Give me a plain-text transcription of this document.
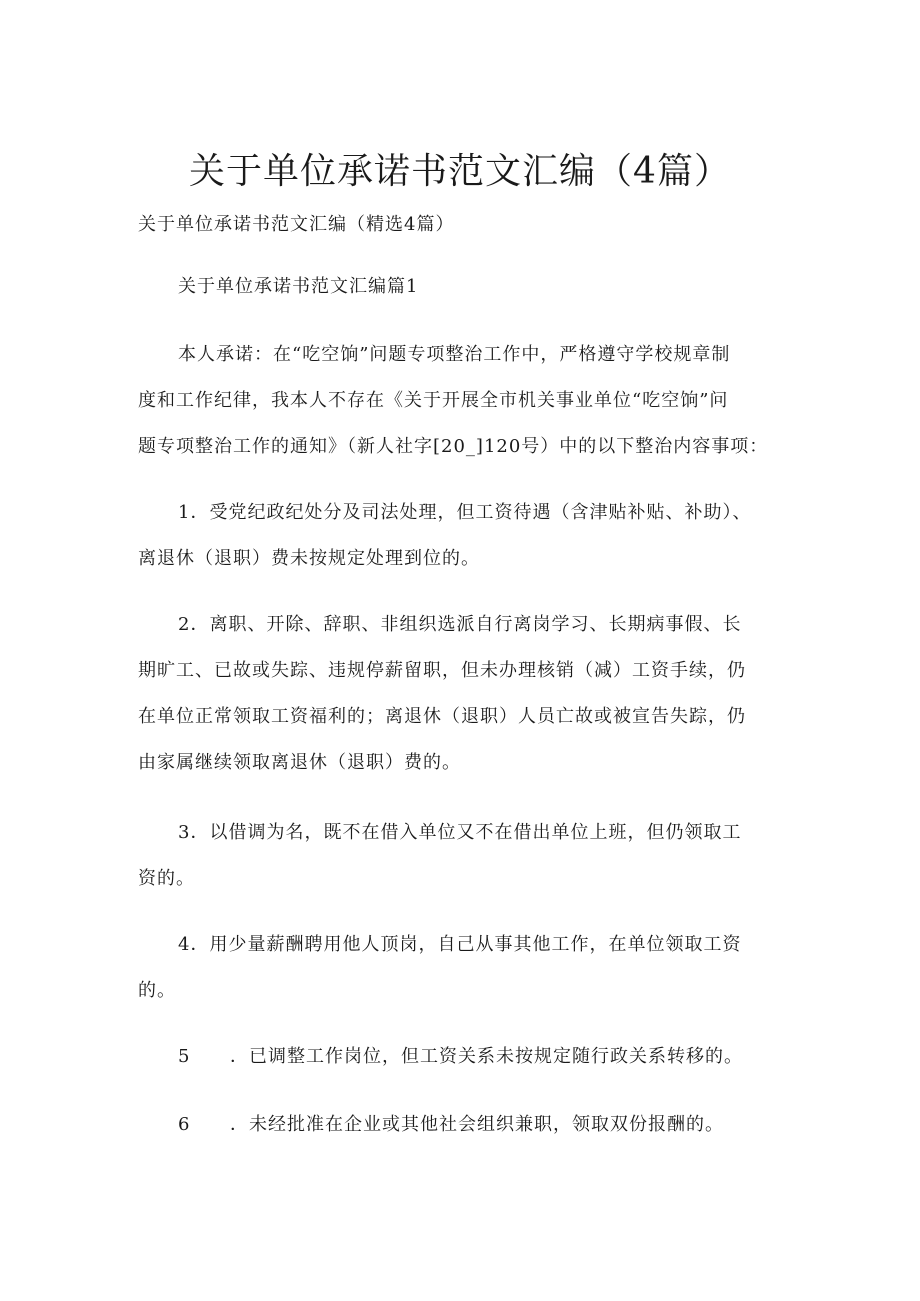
关于单位承诺书范文汇编（4篇）
关于单位承诺书范文汇编（精选4篇）
关于单位承诺书范文汇编篇1
本人承诺：在“吃空饷”问题专项整治工作中，严格遵守学校规章制
度和工作纪律，我本人不存在《关于开展全市机关事业单位“吃空饷”问
题专项整治工作的通知》（新人社字[20_]120号）中的以下整治内容事项：
1．受党纪政纪处分及司法处理，但工资待遇（含津贴补贴、补助）、
离退休（退职）费未按规定处理到位的。
2．离职、开除、辞职、非组织选派自行离岗学习、长期病事假、长
期旷工、已故或失踪、违规停薪留职，但未办理核销（减）工资手续，仍
在单位正常领取工资福利的；离退休（退职）人员亡故或被宣告失踪，仍
由家属继续领取离退休（退职）费的。
3．以借调为名，既不在借入单位又不在借出单位上班，但仍领取工
资的。
4．用少量薪酬聘用他人顶岗，自己从事其他工作，在单位领取工资
的。
5 ．已调整工作岗位，但工资关系未按规定随行政关系转移的。
6 ．未经批准在企业或其他社会组织兼职，领取双份报酬的。
